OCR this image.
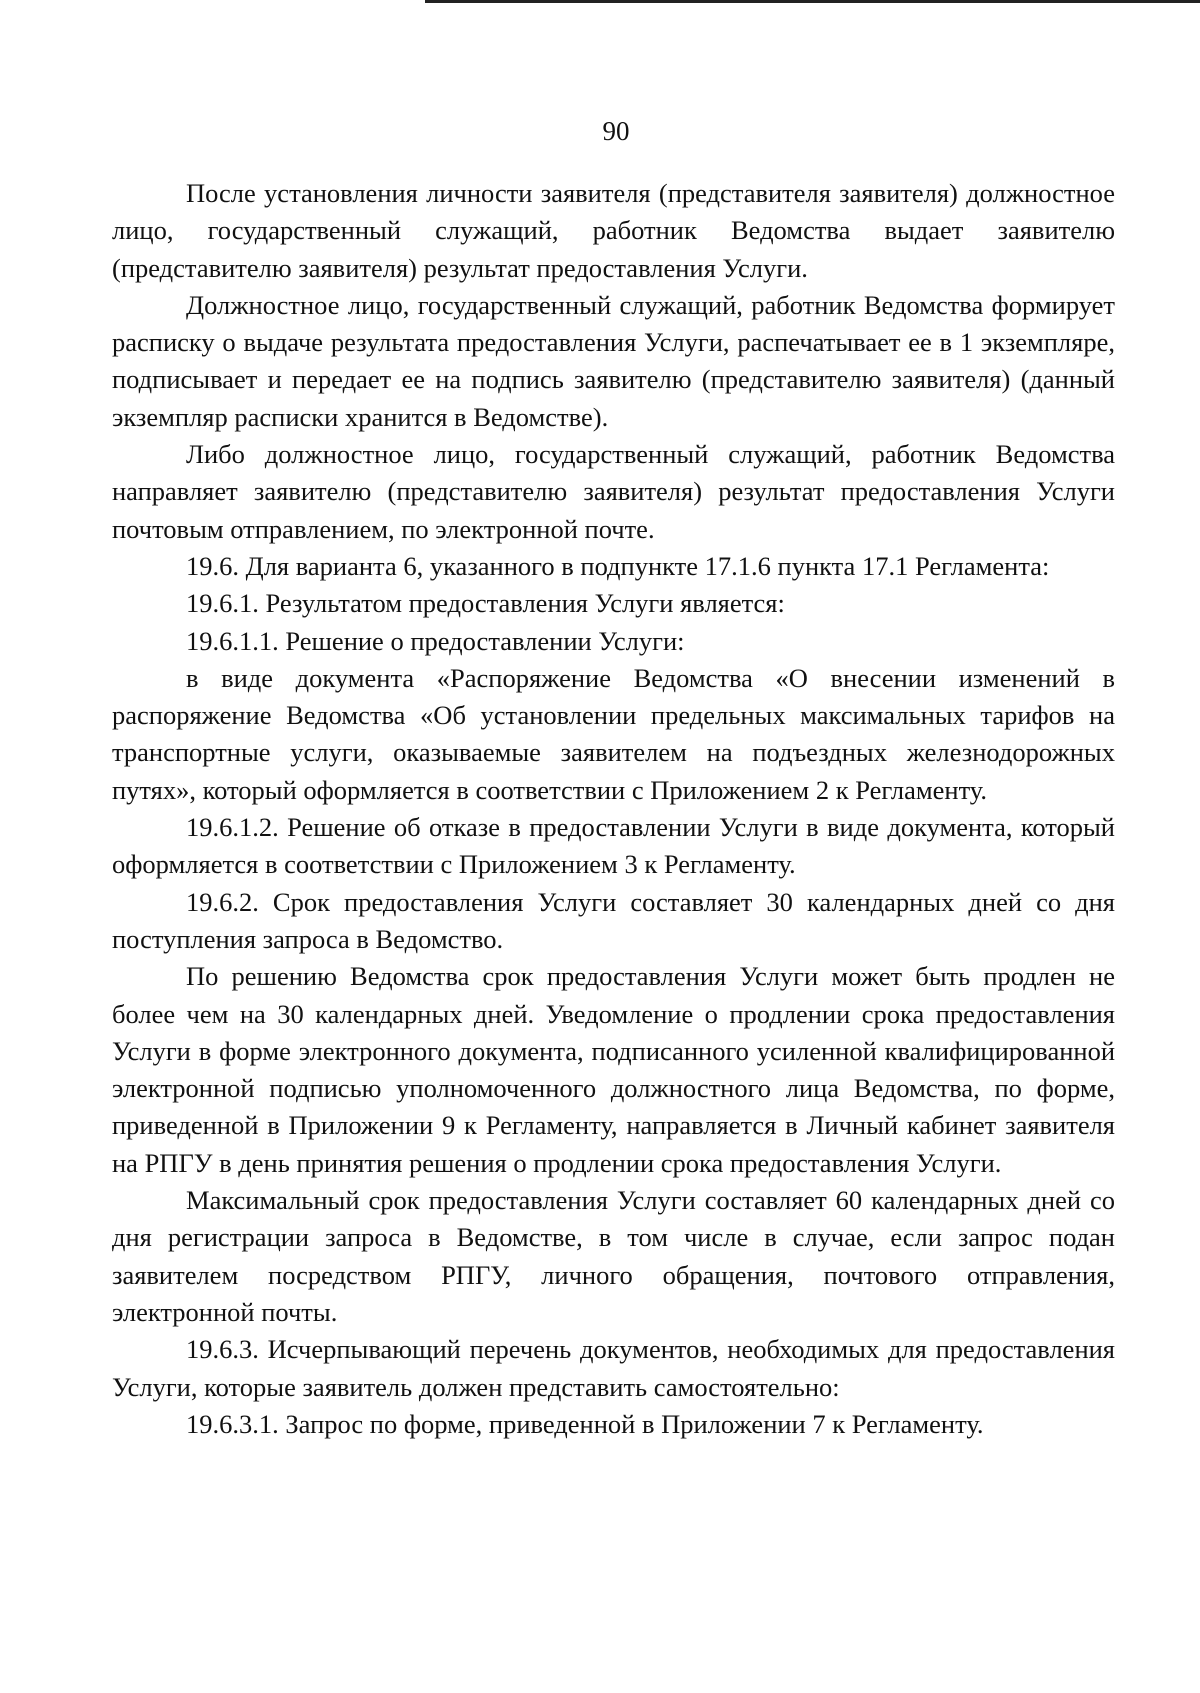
90

После установления личности заявителя (представителя заявителя) должностное лицо, государственный служащий, работник Ведомства выдает заявителю (представителю заявителя) результат предоставления Услуги.

Должностное лицо, государственный служащий, работник Ведомства формирует расписку о выдаче результата предоставления Услуги, распечатывает ее в 1 экземпляре, подписывает и передает ее на подпись заявителю (представителю заявителя) (данный экземпляр расписки хранится в Ведомстве).

Либо должностное лицо, государственный служащий, работник Ведомства направляет заявителю (представителю заявителя) результат предоставления Услуги почтовым отправлением, по электронной почте.

19.6. Для варианта 6, указанного в подпункте 17.1.6 пункта 17.1 Регламента:

19.6.1. Результатом предоставления Услуги является:

19.6.1.1. Решение о предоставлении Услуги:

в виде документа «Распоряжение Ведомства «О внесении изменений в распоряжение Ведомства «Об установлении предельных максимальных тарифов на транспортные услуги, оказываемые заявителем на подъездных железнодорожных путях», который оформляется в соответствии с Приложением 2 к Регламенту.

19.6.1.2. Решение об отказе в предоставлении Услуги в виде документа, который оформляется в соответствии с Приложением 3 к Регламенту.

19.6.2. Срок предоставления Услуги составляет 30 календарных дней со дня поступления запроса в Ведомство.

По решению Ведомства срок предоставления Услуги может быть продлен не более чем на 30 календарных дней. Уведомление о продлении срока предоставления Услуги в форме электронного документа, подписанного усиленной квалифицированной электронной подписью уполномоченного должностного лица Ведомства, по форме, приведенной в Приложении 9 к Регламенту, направляется в Личный кабинет заявителя на РПГУ в день принятия решения о продлении срока предоставления Услуги.

Максимальный срок предоставления Услуги составляет 60 календарных дней со дня регистрации запроса в Ведомстве, в том числе в случае, если запрос подан заявителем посредством РПГУ, личного обращения, почтового отправления, электронной почты.

19.6.3. Исчерпывающий перечень документов, необходимых для предоставления Услуги, которые заявитель должен представить самостоятельно:

19.6.3.1. Запрос по форме, приведенной в Приложении 7 к Регламенту.
